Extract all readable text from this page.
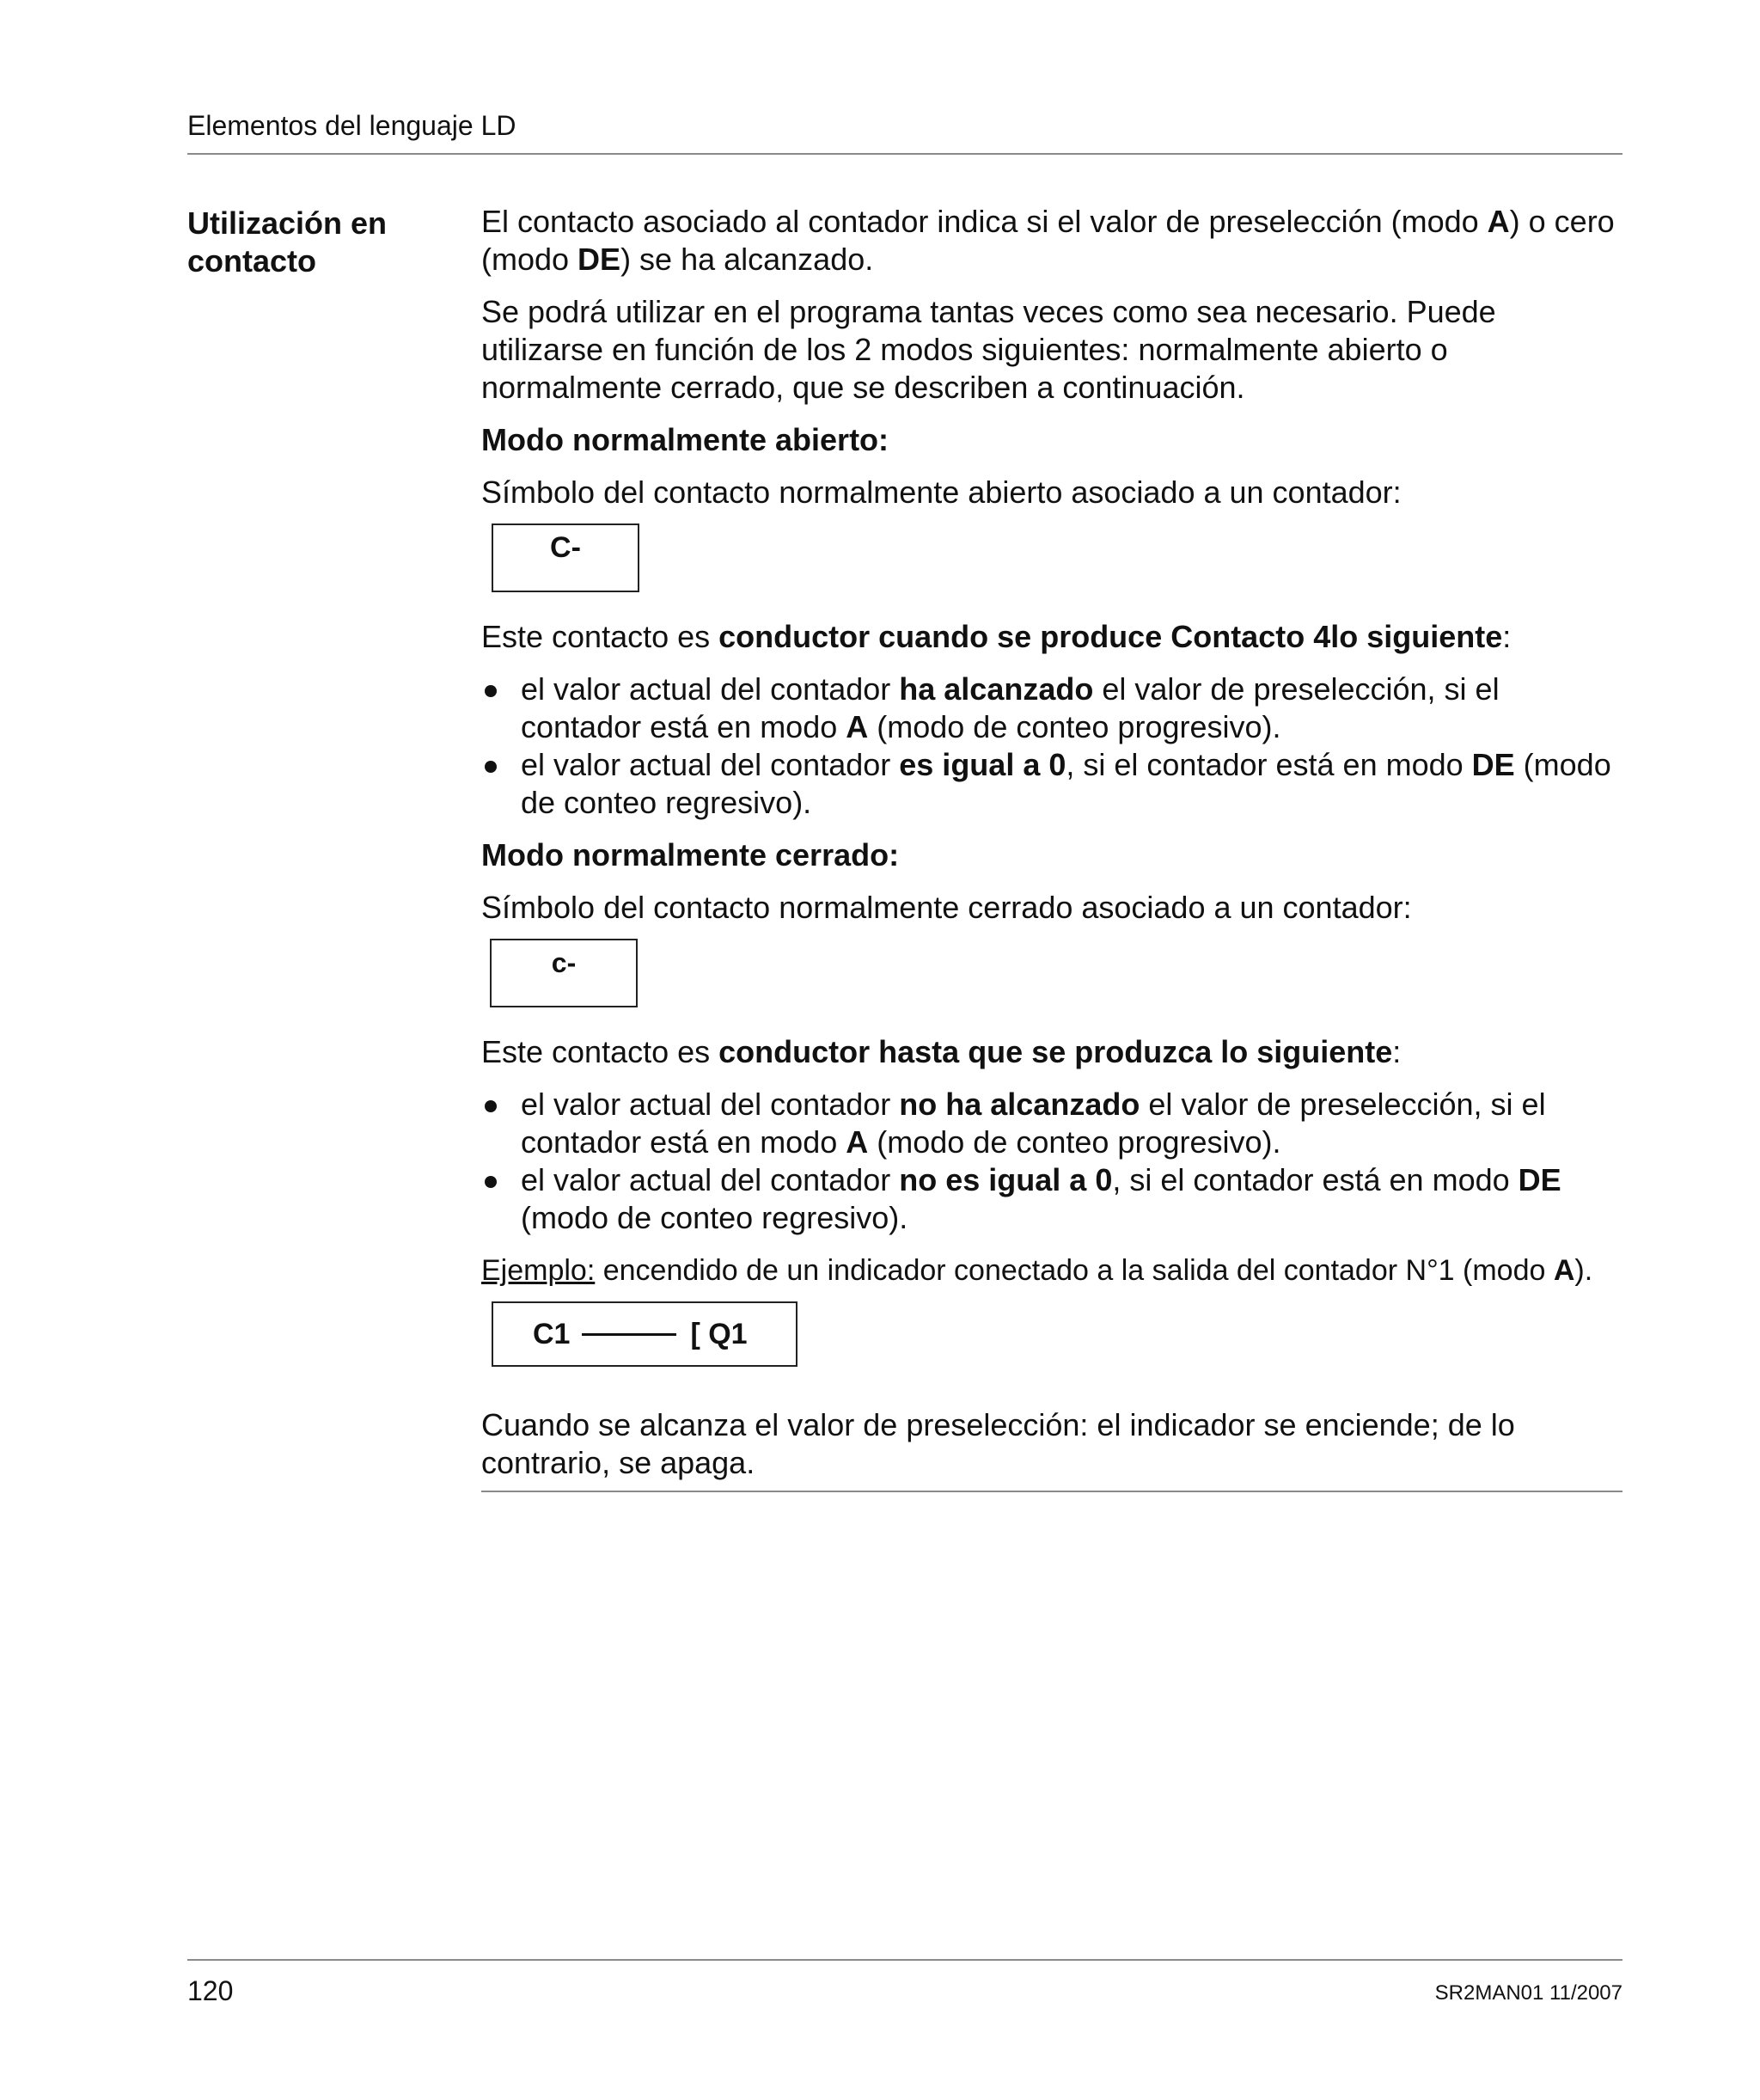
Elementos del lenguaje LD
Utilización en
contacto

El contacto asociado al contador indica si el valor de preselección (modo A) o cero (modo DE) se ha alcanzado.

Se podrá utilizar en el programa tantas veces como sea necesario. Puede utilizarse en función de los 2 modos siguientes: normalmente abierto o normalmente cerrado, que se describen a continuación.

Modo normalmente abierto:

Símbolo del contacto normalmente abierto asociado a un contador:

C-

Este contacto es conductor cuando se produce Contacto 4lo siguiente:

el valor actual del contador ha alcanzado el valor de preselección, si el contador está en modo A (modo de conteo progresivo).
el valor actual del contador es igual a 0, si el contador está en modo DE (modo de conteo regresivo).

Modo normalmente cerrado:

Símbolo del contacto normalmente cerrado asociado a un contador:

c-

Este contacto es conductor hasta que se produzca lo siguiente:

el valor actual del contador no ha alcanzado el valor de preselección, si el contador está en modo A (modo de conteo progresivo).
el valor actual del contador no es igual a 0, si el contador está en modo DE (modo de conteo regresivo).

Ejemplo: encendido de un indicador conectado a la salida del contador N°1 (modo A).

C1	[ Q1

Cuando se alcanza el valor de preselección: el indicador se enciende; de lo contrario, se apaga.

120	SR2MAN01 11/2007
